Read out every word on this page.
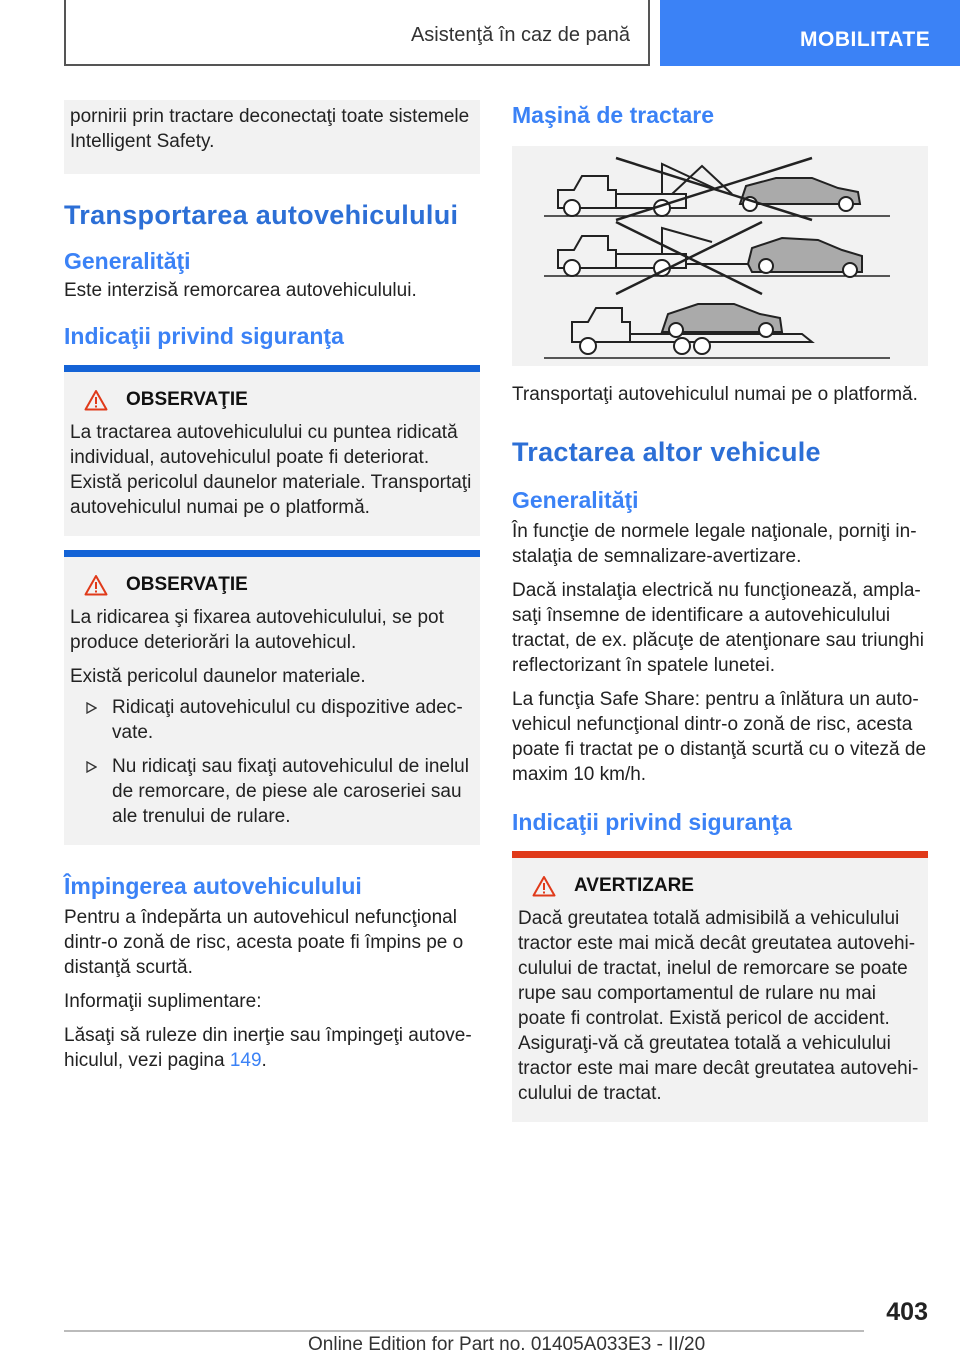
Asistenţă în caz de pană	MOBILITATE

pornirii prin tractare deconectaţi toate sistemele Intelligent Safety.

Transportarea autovehiculului
Generalităţi

Este interzisă remorcarea autovehiculului.

Indicaţii privind siguranţa
OBSERVAŢIE

La tractarea autovehiculului cu puntea ridicată individual, autovehiculul poate fi deteriorat. Există pericolul daunelor materiale. Transportaţi autovehiculul numai pe o platformă.

OBSERVAŢIE

La ridicarea şi fixarea autovehiculului, se pot produce deteriorări la autovehicul.

Există pericolul daunelor materiale.

Ridicaţi autovehiculul cu dispozitive adecvate.
Nu ridicaţi sau fixaţi autovehiculul de inelul de remorcare, de piese ale caroseriei sau ale trenului de rulare.
Împingerea autovehiculului

Pentru a îndepărta un autovehicul nefuncţional dintr-o zonă de risc, acesta poate fi împins pe o distanţă scurtă.

Informaţii suplimentare:

Lăsaţi să ruleze din inerţie sau împingeţi autovehiculul, vezi pagina 149.

Maşină de tractare

Transportaţi autovehiculul numai pe o platformă.

Tractarea altor vehicule
Generalităţi

În funcţie de normele legale naţionale, porniţi instalaţia de semnalizare-avertizare.

Dacă instalaţia electrică nu funcţionează, amplasaţi însemne de identificare a autovehiculului tractat, de ex. plăcuţe de atenţionare sau triunghi reflectorizant în spatele lunetei.

La funcţia Safe Share: pentru a înlătura un autovehicul nefuncţional dintr-o zonă de risc, acesta poate fi tractat pe o distanţă scurtă cu o viteză de maxim 10 km/h.

Indicaţii privind siguranţa
AVERTIZARE

Dacă greutatea totală admisibilă a vehiculului tractor este mai mică decât greutatea autovehiculului de tractat, inelul de remorcare se poate rupe sau comportamentul de rulare nu mai poate fi controlat. Există pericol de accident. Asiguraţi-vă că greutatea totală a vehiculului tractor este mai mare decât greutatea autovehiculului de tractat.

403
Online Edition for Part no. 01405A033E3 - II/20
